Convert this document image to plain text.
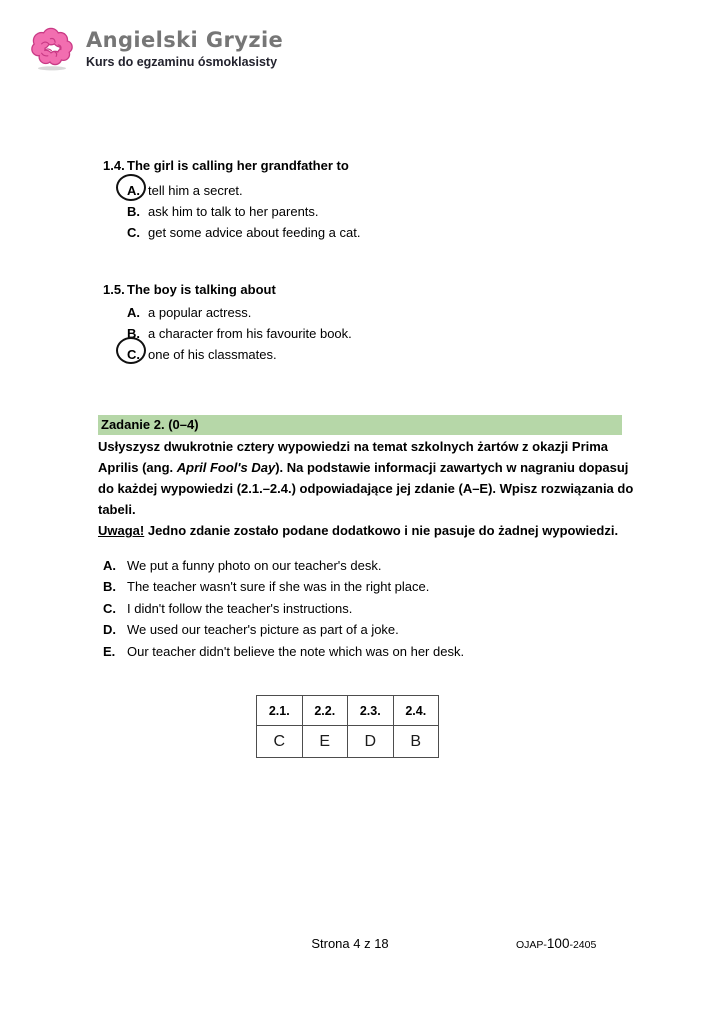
Angielski Gryzie
Kurs do egzaminu ósmoklasisty
1.4. The girl is calling her grandfather to
A. tell him a secret.
B. ask him to talk to her parents.
C. get some advice about feeding a cat.
1.5. The boy is talking about
A. a popular actress.
B. a character from his favourite book.
C. one of his classmates.
Zadanie 2. (0–4)
Usłyszysz dwukrotnie cztery wypowiedzi na temat szkolnych żartów z okazji Prima
Aprilis (ang. April Fool's Day). Na podstawie informacji zawartych w nagraniu dopasuj
do każdej wypowiedzi (2.1.–2.4.) odpowiadające jej zdanie (A–E). Wpisz rozwiązania do
tabeli.
Uwaga! Jedno zdanie zostało podane dodatkowo i nie pasuje do żadnej wypowiedzi.
A. We put a funny photo on our teacher's desk.
B. The teacher wasn't sure if she was in the right place.
C. I didn't follow the teacher's instructions.
D. We used our teacher's picture as part of a joke.
E. Our teacher didn't believe the note which was on her desk.
2.1.	2.2.	2.3.	2.4.
C	E	D	B
Strona 4 z 18	OJAP-100-2405
